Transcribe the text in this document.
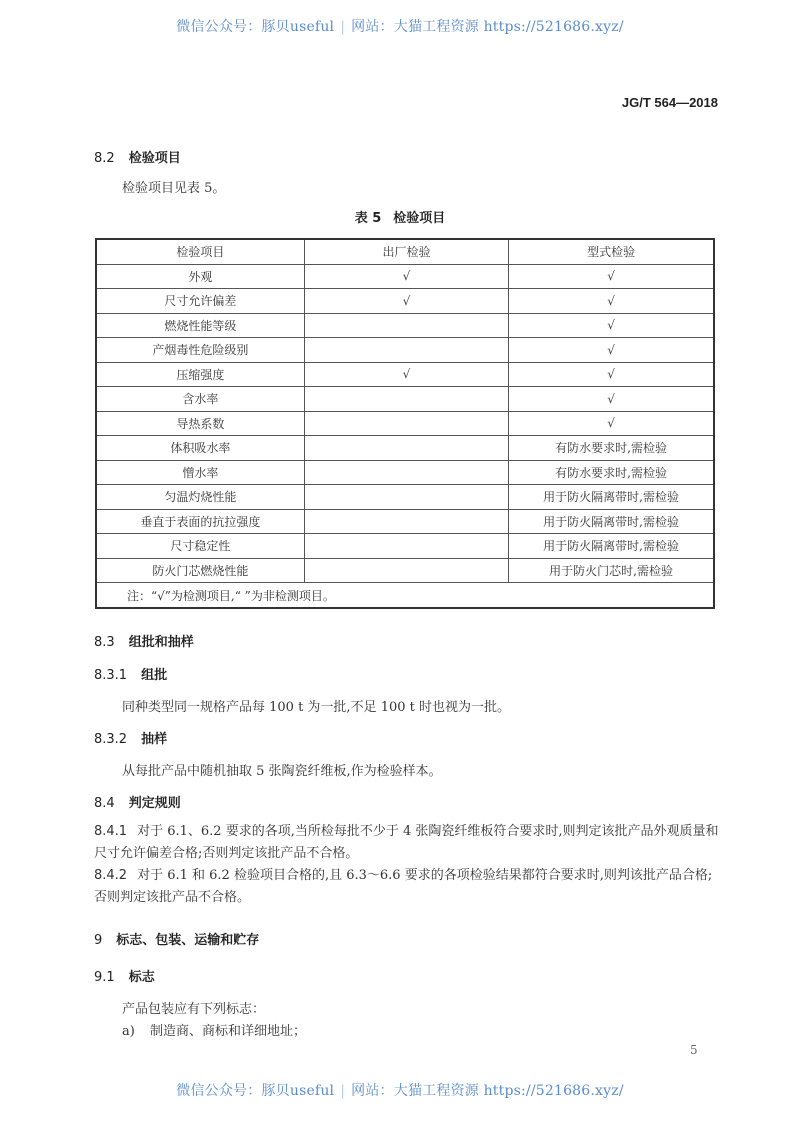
微信公众号：豚贝useful | 网站：大猫工程资源 https://521686.xyz/
JG/T 564—2018
8.2 检验项目
检验项目见表 5。
表 5 检验项目
检验项目	出厂检验	型式检验
外观	√	√
尺寸允许偏差	√	√
燃烧性能等级		√
产烟毒性危险级别		√
压缩强度	√	√
含水率		√
导热系数		√
体积吸水率		有防水要求时,需检验
憎水率		有防水要求时,需检验
匀温灼烧性能		用于防火隔离带时,需检验
垂直于表面的抗拉强度		用于防火隔离带时,需检验
尺寸稳定性		用于防火隔离带时,需检验
防火门芯燃烧性能		用于防火门芯时,需检验
注：“√”为检测项目,“ ”为非检测项目。		
8.3 组批和抽样
8.3.1 组批
同种类型同一规格产品每 100 t 为一批,不足 100 t 时也视为一批。
8.3.2 抽样
从每批产品中随机抽取 5 张陶瓷纤维板,作为检验样本。
8.4 判定规则
8.4.1 对于 6.1、6.2 要求的各项,当所检每批不少于 4 张陶瓷纤维板符合要求时,则判定该批产品外观质量和尺寸允许偏差合格;否则判定该批产品不合格。
8.4.2 对于 6.1 和 6.2 检验项目合格的,且 6.3～6.6 要求的各项检验结果都符合要求时,则判该批产品合格;否则判定该批产品不合格。
9 标志、包装、运输和贮存
9.1 标志
产品包装应有下列标志：
a) 制造商、商标和详细地址；
5
微信公众号：豚贝useful | 网站：大猫工程资源 https://521686.xyz/
